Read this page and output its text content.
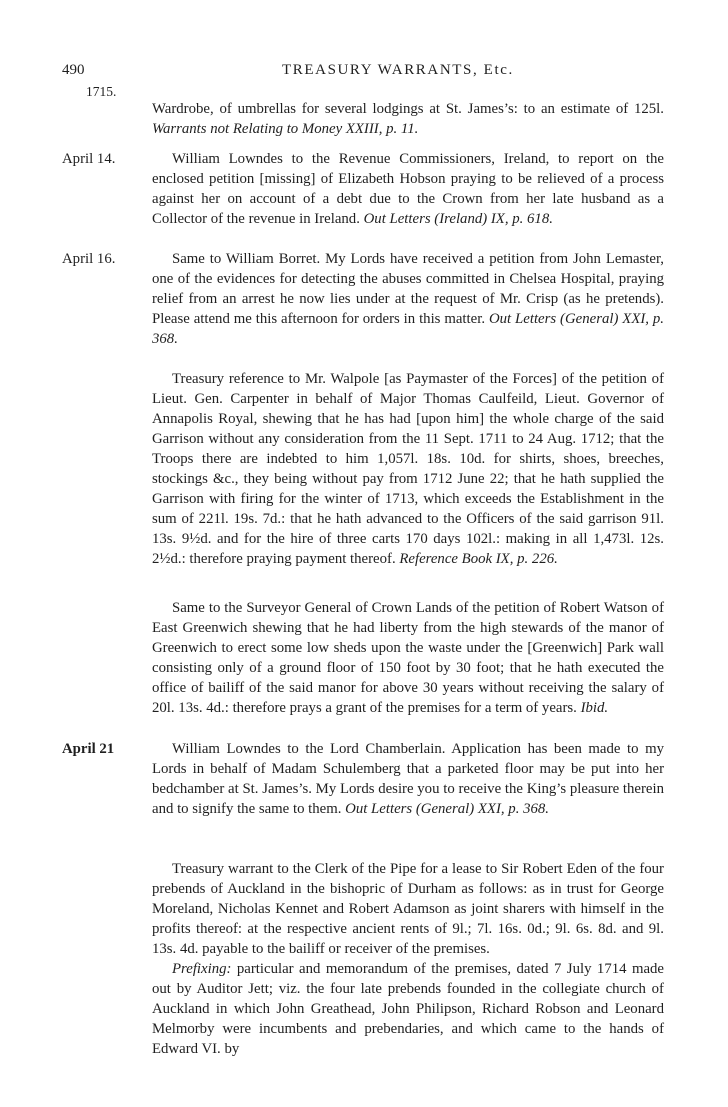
490	TREASURY WARRANTS, Etc.
1715.

Wardrobe, of umbrellas for several lodgings at St. James’s: to an estimate of 125l. Warrants not Relating to Money XXIII, p. 11.

April 14.	William Lowndes to the Revenue Commissioners, Ireland, to report on the enclosed petition [missing] of Elizabeth Hobson praying to be relieved of a process against her on account of a debt due to the Crown from her late husband as a Collector of the revenue in Ireland. Out Letters (Ireland) IX, p. 618.

April 16.	Same to William Borret. My Lords have received a petition from John Lemaster, one of the evidences for detecting the abuses committed in Chelsea Hospital, praying relief from an arrest he now lies under at the request of Mr. Crisp (as he pretends). Please attend me this afternoon for orders in this matter. Out Letters (General) XXI, p. 368.

Treasury reference to Mr. Walpole [as Paymaster of the Forces] of the petition of Lieut. Gen. Carpenter in behalf of Major Thomas Caulfeild, Lieut. Governor of Annapolis Royal, shewing that he has had [upon him] the whole charge of the said Garrison without any consideration from the 11 Sept. 1711 to 24 Aug. 1712; that the Troops there are indebted to him 1,057l. 18s. 10d. for shirts, shoes, breeches, stockings &c., they being without pay from 1712 June 22; that he hath supplied the Garrison with firing for the winter of 1713, which exceeds the Establishment in the sum of 221l. 19s. 7d.: that he hath advanced to the Officers of the said garrison 91l. 13s. 9½d. and for the hire of three carts 170 days 102l.: making in all 1,473l. 12s. 2½d.: therefore praying payment thereof. Reference Book IX, p. 226.

Same to the Surveyor General of Crown Lands of the petition of Robert Watson of East Greenwich shewing that he had liberty from the high stewards of the manor of Greenwich to erect some low sheds upon the waste under the [Greenwich] Park wall consisting only of a ground floor of 150 foot by 30 foot; that he hath executed the office of bailiff of the said manor for above 30 years without receiving the salary of 20l. 13s. 4d.: therefore prays a grant of the premises for a term of years. Ibid.

April 21	William Lowndes to the Lord Chamberlain. Application has been made to my Lords in behalf of Madam Schulemberg that a parketed floor may be put into her bedchamber at St. James’s. My Lords desire you to receive the King’s pleasure therein and to signify the same to them. Out Letters (General) XXI, p. 368.

Treasury warrant to the Clerk of the Pipe for a lease to Sir Robert Eden of the four prebends of Auckland in the bishopric of Durham as follows: as in trust for George Moreland, Nicholas Kennet and Robert Adamson as joint sharers with himself in the profits thereof: at the respective ancient rents of 9l.; 7l. 16s. 0d.; 9l. 6s. 8d. and 9l. 13s. 4d. payable to the bailiff or receiver of the premises.

Prefixing: particular and memorandum of the premises, dated 7 July 1714 made out by Auditor Jett; viz. the four late prebends founded in the collegiate church of Auckland in which John Greathead, John Philipson, Richard Robson and Leonard Melmorby were incumbents and prebendaries, and which came to the hands of Edward VI. by
